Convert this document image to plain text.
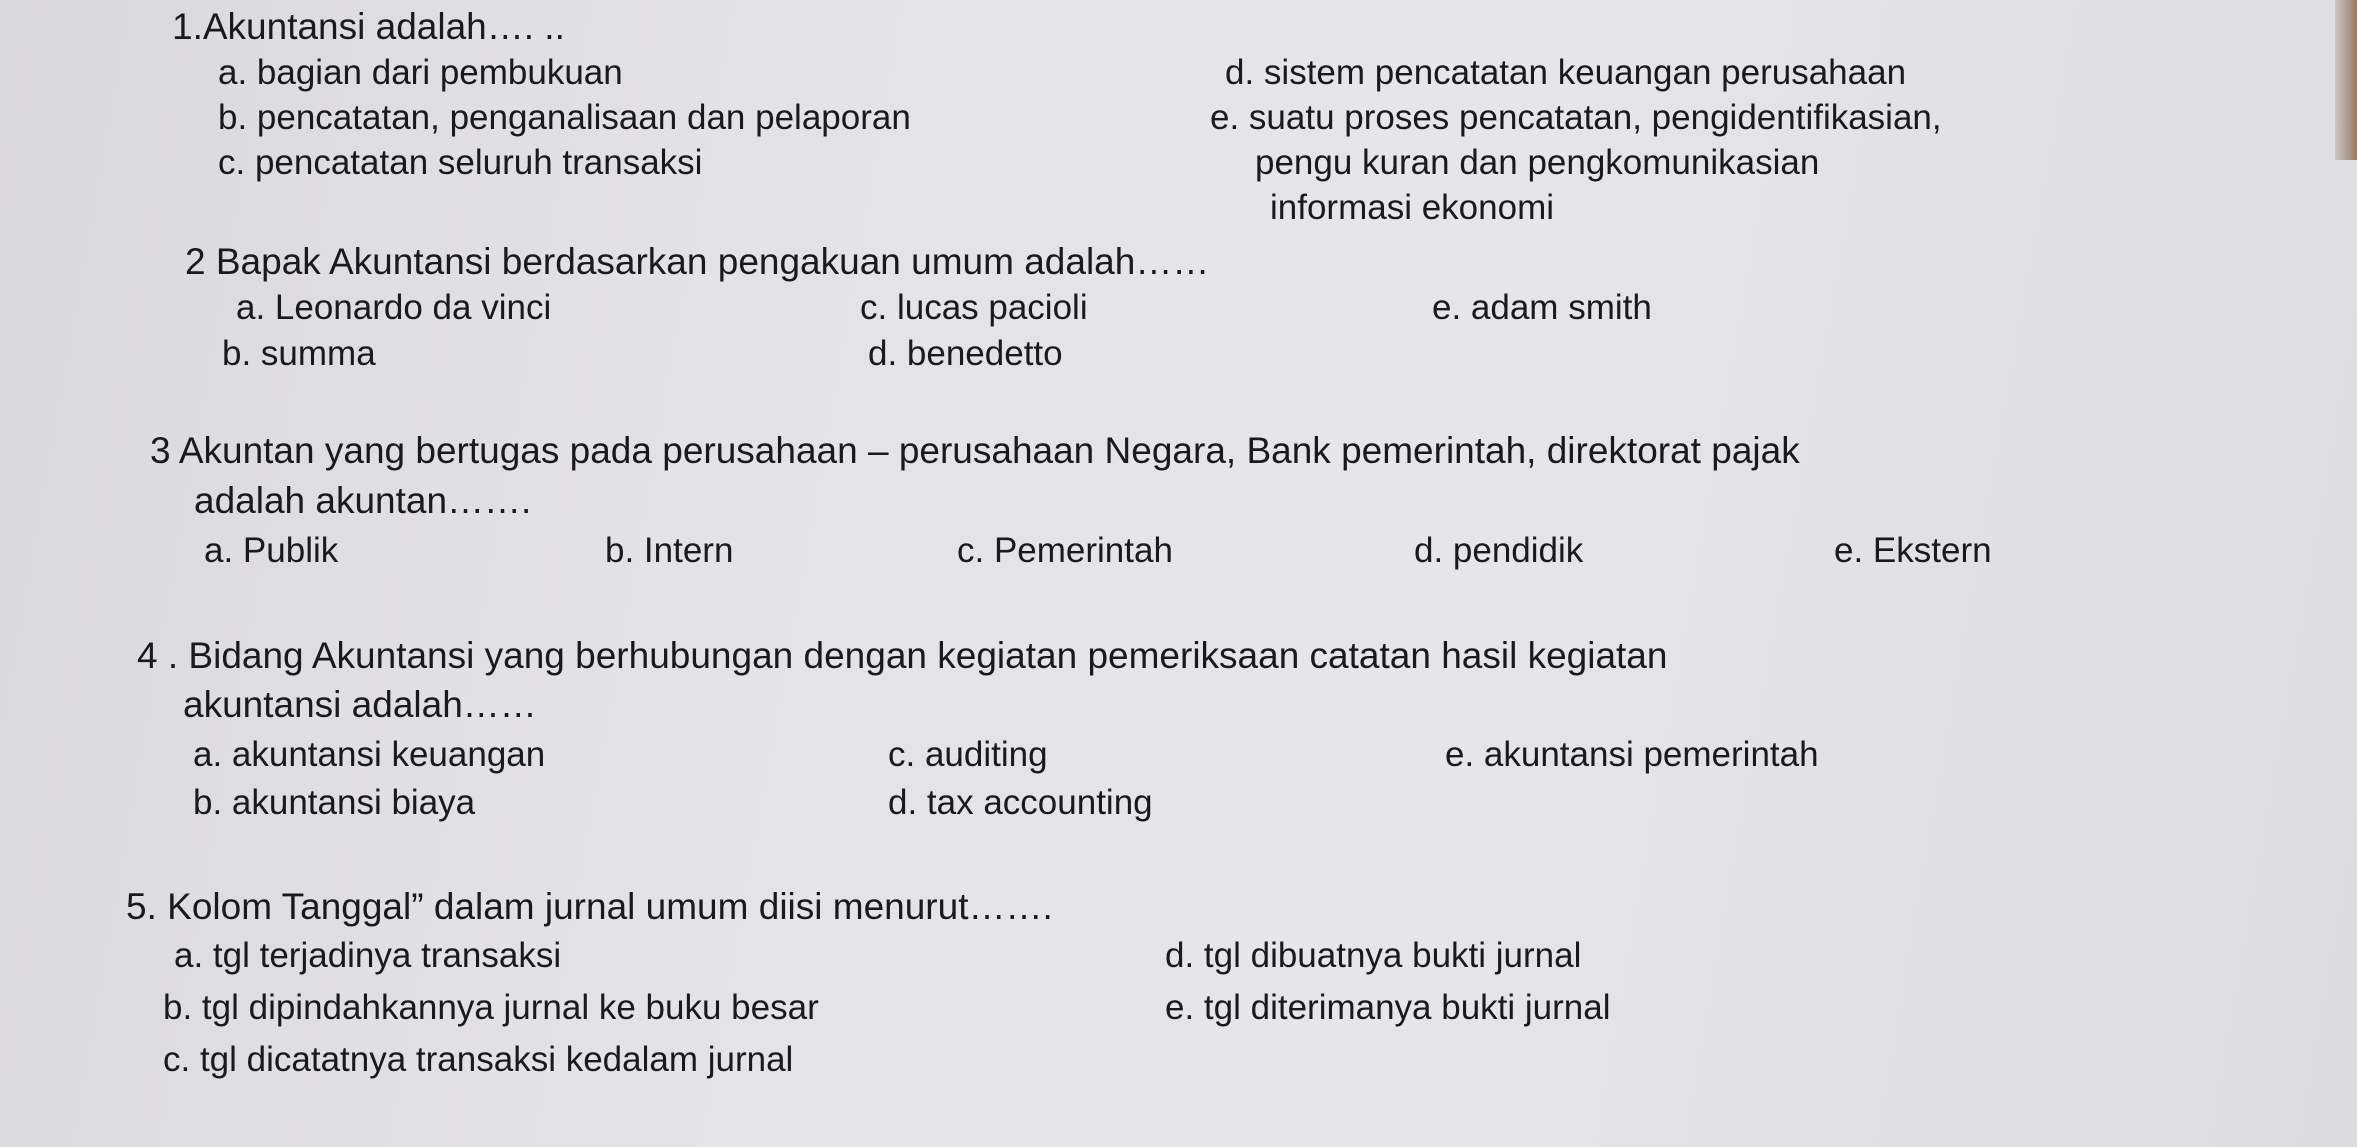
1.Akuntansi adalah…. ..
a. bagian dari pembukuan
b. pencatatan, penganalisaan dan pelaporan
c. pencatatan seluruh transaksi
d. sistem pencatatan keuangan perusahaan
e. suatu proses pencatatan, pengidentifikasian,
pengu kuran dan pengkomunikasian
informasi ekonomi
2 Bapak Akuntansi berdasarkan pengakuan umum adalah……
a. Leonardo da vinci
b. summa
c. lucas pacioli
d. benedetto
e. adam smith
3 Akuntan yang bertugas pada perusahaan – perusahaan Negara, Bank pemerintah, direktorat pajak
adalah akuntan…….
a. Publik	b. Intern	c. Pemerintah	d. pendidik	e. Ekstern
4 . Bidang Akuntansi yang berhubungan dengan kegiatan pemeriksaan catatan hasil kegiatan
akuntansi adalah……
a. akuntansi keuangan
b. akuntansi biaya
c. auditing
d. tax accounting
e. akuntansi pemerintah
5. Kolom Tanggal” dalam jurnal umum diisi menurut…….
a. tgl terjadinya transaksi
b. tgl dipindahkannya jurnal ke buku besar
c. tgl dicatatnya transaksi kedalam jurnal
d. tgl dibuatnya bukti jurnal
e. tgl diterimanya bukti jurnal
